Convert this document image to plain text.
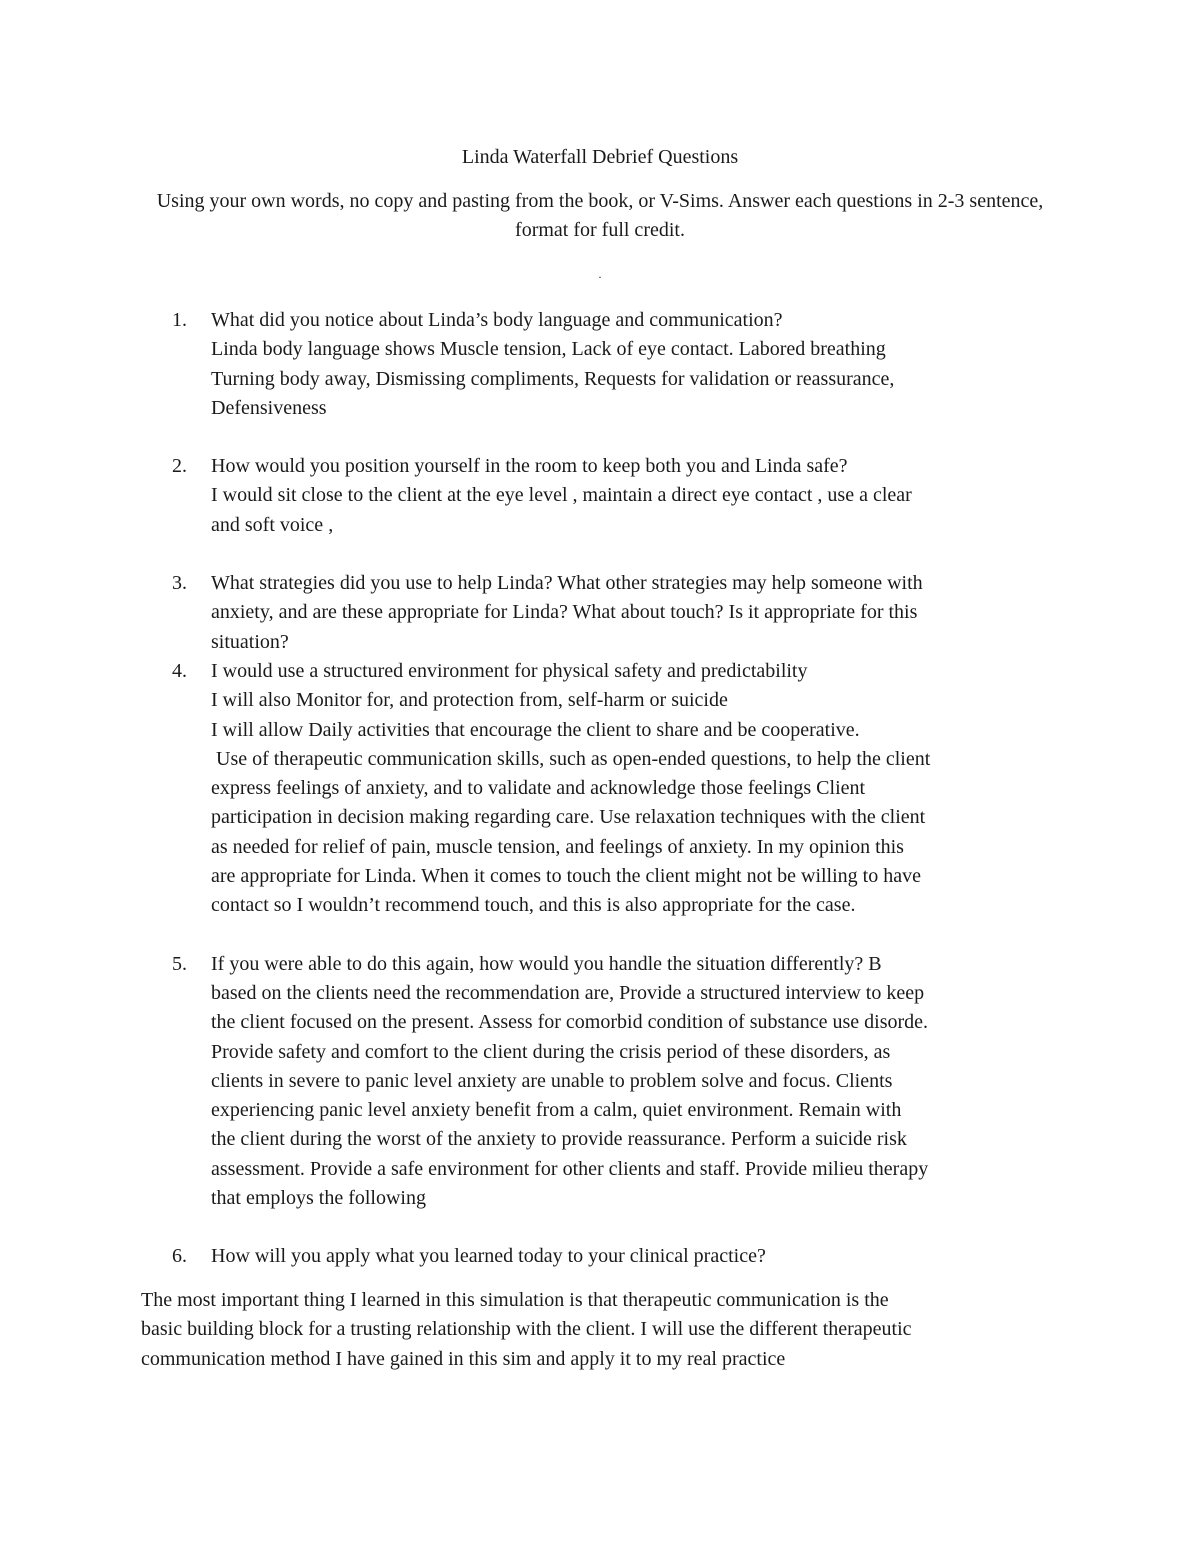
Linda Waterfall Debrief Questions

Using your own words, no copy and pasting from the book, or V-Sims. Answer each questions in 2-3 sentence, format for full credit.

.
1. What did you notice about Linda’s body language and communication?
Linda body language shows Muscle tension, Lack of eye contact. Labored breathing
Turning body away, Dismissing compliments, Requests for validation or reassurance,
Defensiveness
2. How would you position yourself in the room to keep both you and Linda safe?
I would sit close to the client at the eye level , maintain a direct eye contact , use a clear
and soft voice ,
3. What strategies did you use to help Linda? What other strategies may help someone with
anxiety, and are these appropriate for Linda? What about touch? Is it appropriate for this
situation?
4. I would use a structured environment for physical safety and predictability
I will also Monitor for, and protection from, self-harm or suicide
I will allow Daily activities that encourage the client to share and be cooperative.
Use of therapeutic communication skills, such as open-ended questions, to help the client
express feelings of anxiety, and to validate and acknowledge those feelings Client
participation in decision making regarding care. Use relaxation techniques with the client
as needed for relief of pain, muscle tension, and feelings of anxiety. In my opinion this
are appropriate for Linda. When it comes to touch the client might not be willing to have
contact so I wouldn’t recommend touch, and this is also appropriate for the case.
5. If you were able to do this again, how would you handle the situation differently? B
based on the clients need the recommendation are, Provide a structured interview to keep
the client focused on the present. Assess for comorbid condition of substance use disorde.
Provide safety and comfort to the client during the crisis period of these disorders, as
clients in severe to panic level anxiety are unable to problem solve and focus. Clients
experiencing panic level anxiety benefit from a calm, quiet environment. Remain with
the client during the worst of the anxiety to provide reassurance. Perform a suicide risk
assessment. Provide a safe environment for other clients and staff. Provide milieu therapy
that employs the following
6. How will you apply what you learned today to your clinical practice?
The most important thing I learned in this simulation is that therapeutic communication is the
basic building block for a trusting relationship with the client. I will use the different therapeutic
communication method I have gained in this sim and apply it to my real practice
